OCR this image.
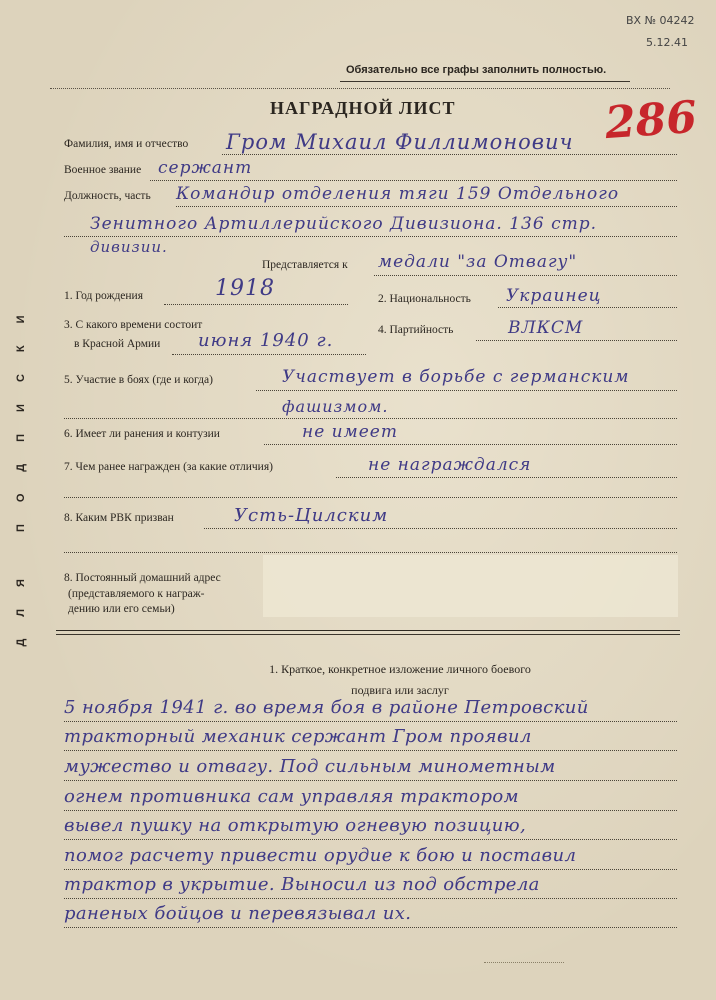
ВХ № 04242
5.12.41
Обязательно все графы заполнить полностью.
286
НАГРАДНОЙ ЛИСТ
ДЛЯ ПОДПИСКИ
Фамилия, имя и отчество Гром Михаил Филлимонович
Военное звание сержант
Должность, часть Командир отделения тяги 159 Отдельного
Зенитного Артиллерийского Дивизиона. 136 стр.
дивизии.
Представляется к медали "за Отвагу"
1. Год рождения	1918	2. Национальность Украинец
3. С какого времени состоит
в Красной Армии июня 1940 г.	4. Партийность	ВЛКСМ
5. Участие в боях (где и когда)	Участвует в борьбе с германским
фашизмом.
6. Имеет ли ранения и контузии	не имеет
7. Чем ранее награжден (за какие отличия)	не награждался
8. Каким РВК призван	Усть-Цилским
8. Постоянный домашний адрес
(представляемого к награж-
дению или его семьи)
1. Краткое, конкретное изложение личного боевого
подвига или заслуг
5 ноября 1941 г. во время боя в районе Петровский
тракторный механик сержант Гром проявил
мужество и отвагу. Под сильным минометным
огнем противника сам управляя трактором
вывел пушку на открытую огневую позицию,
помог расчету привести орудие к бою и поставил
трактор в укрытие. Выносил из под обстрела
раненых бойцов и перевязывал их.
